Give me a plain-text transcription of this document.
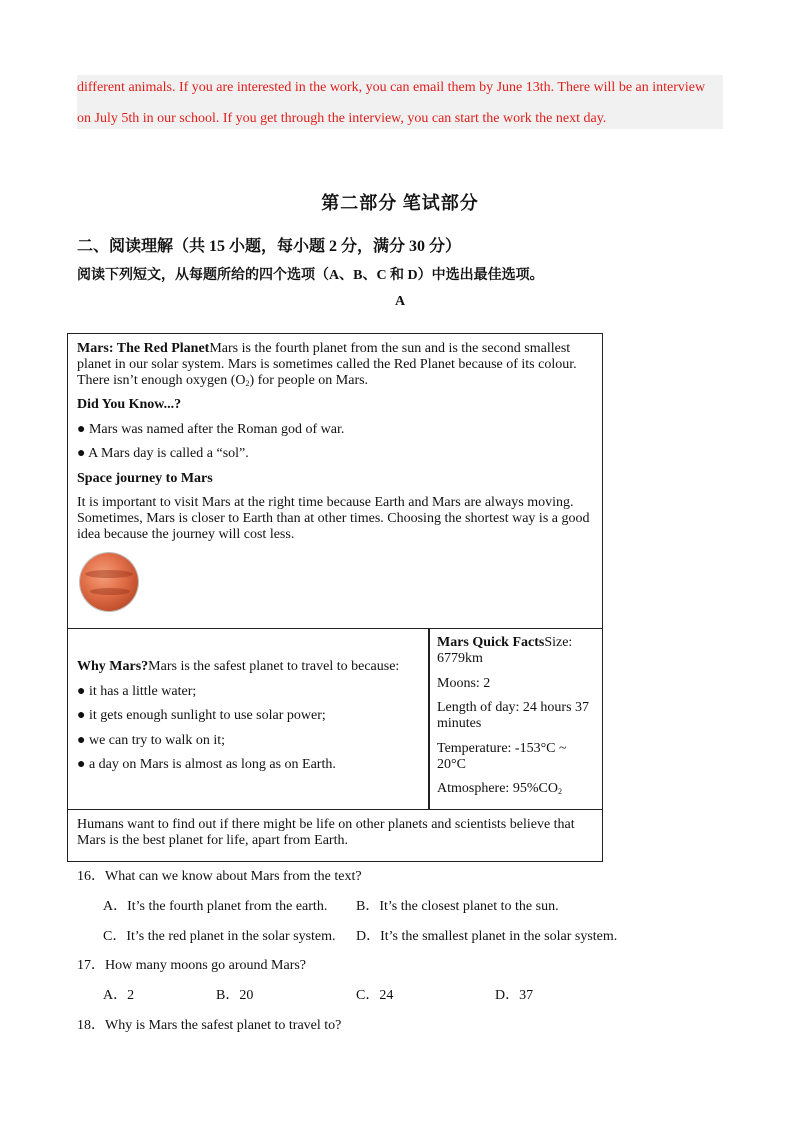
different animals. If you are interested in the work, you can email them by June 13th. There will be an interview
on July 5th in our school. If you get through the interview, you can start the work the next day.
第二部分 笔试部分
二、阅读理解（共 15 小题，每小题 2 分，满分 30 分）
阅读下列短文，从每题所给的四个选项（A、B、C 和 D）中选出最佳选项。
A
Mars: The Red PlanetMars is the fourth planet from the sun and is the second smallest
planet in our solar system. Mars is sometimes called the Red Planet because of its colour.
There isn’t enough oxygen $(O_2)$ for people on Mars.
Did You Know...?
● Mars was named after the Roman god of war.
● A Mars day is called a “sol”.
Space journey to Mars
It is important to visit Mars at the right time because Earth and Mars are always moving.
Sometimes, Mars is closer to Earth than at other times. Choosing the shortest way is a good
idea because the journey will cost less.
Why Mars?Mars is the safest planet to travel to because:
● it has a little water;
● it gets enough sunlight to use solar power;
● we can try to walk on it;
● a day on Mars is almost as long as on Earth.
Mars Quick FactsSize:
6779km
Moons: 2
Length of day: 24 hours 37
minutes
Temperature: -153°C ~
20°C
Atmosphere: $95\%CO_2$
Humans want to find out if there might be life on other planets and scientists believe that
Mars is the best planet for life, apart from Earth.
16．What can we know about Mars from the text?
A．It’s the fourth planet from the earth. B．It’s the closest planet to the sun.
C．It’s the red planet in the solar system. D．It’s the smallest planet in the solar system.
17．How many moons go around Mars?
A．2	B．20	C．24	D．37
18．Why is Mars the safest planet to travel to?
